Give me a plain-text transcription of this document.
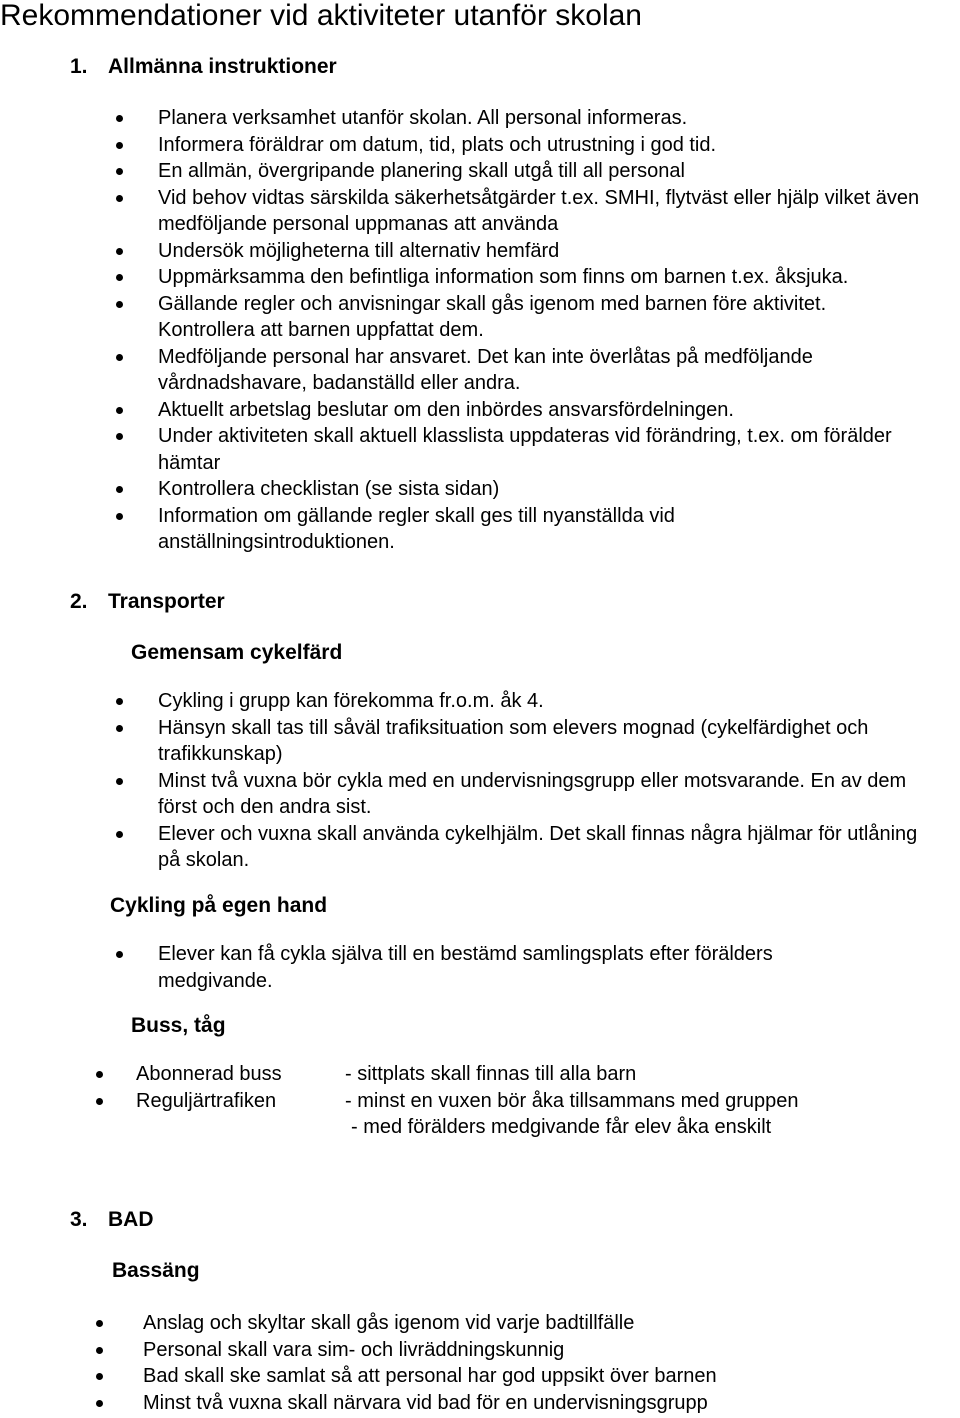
Rekommendationer vid aktiviteter utanför skolan
1. Allmänna instruktioner
Planera verksamhet utanför skolan. All personal informeras.
Informera föräldrar om datum, tid, plats och utrustning i god tid.
En allmän, övergripande planering skall utgå till all personal
Vid behov vidtas särskilda säkerhetsåtgärder t.ex. SMHI, flytväst eller hjälp vilket även medföljande personal uppmanas att använda
Undersök möjligheterna till alternativ hemfärd
Uppmärksamma den befintliga information som finns om barnen t.ex. åksjuka.
Gällande regler och anvisningar skall gås igenom med barnen före aktivitet. Kontrollera att barnen uppfattat dem.
Medföljande personal har ansvaret. Det kan inte överlåtas på medföljande vårdnadshavare, badanställd eller andra.
Aktuellt arbetslag beslutar om den inbördes ansvarsfördelningen.
Under aktiviteten skall aktuell klasslista uppdateras vid förändring, t.ex. om förälder hämtar
Kontrollera checklistan (se sista sidan)
Information om gällande regler skall ges till nyanställda vid anställningsintroduktionen.
2. Transporter
Gemensam cykelfärd
Cykling i grupp kan förekomma fr.o.m. åk 4.
Hänsyn skall tas till såväl trafiksituation som elevers mognad (cykelfärdighet och trafikkunskap)
Minst två vuxna bör cykla med en undervisningsgrupp eller motsvarande. En av dem först och den andra sist.
Elever och vuxna skall använda cykelhjälm. Det skall finnas några hjälmar för utlåning på skolan.
Cykling på egen hand
Elever kan få cykla själva till en bestämd samlingsplats efter förälders medgivande.
Buss, tåg
Abonnerad buss	- sittplats skall finnas till alla barn
Reguljärtrafiken	- minst en vuxen bör åka tillsammans med gruppen
- med förälders medgivande får elev åka enskilt
3. BAD
Bassäng
Anslag och skyltar skall gås igenom vid varje badtillfälle
Personal skall vara sim- och livräddningskunnig
Bad skall ske samlat så att personal har god uppsikt över barnen
Minst två vuxna skall närvara vid bad för en undervisningsgrupp
